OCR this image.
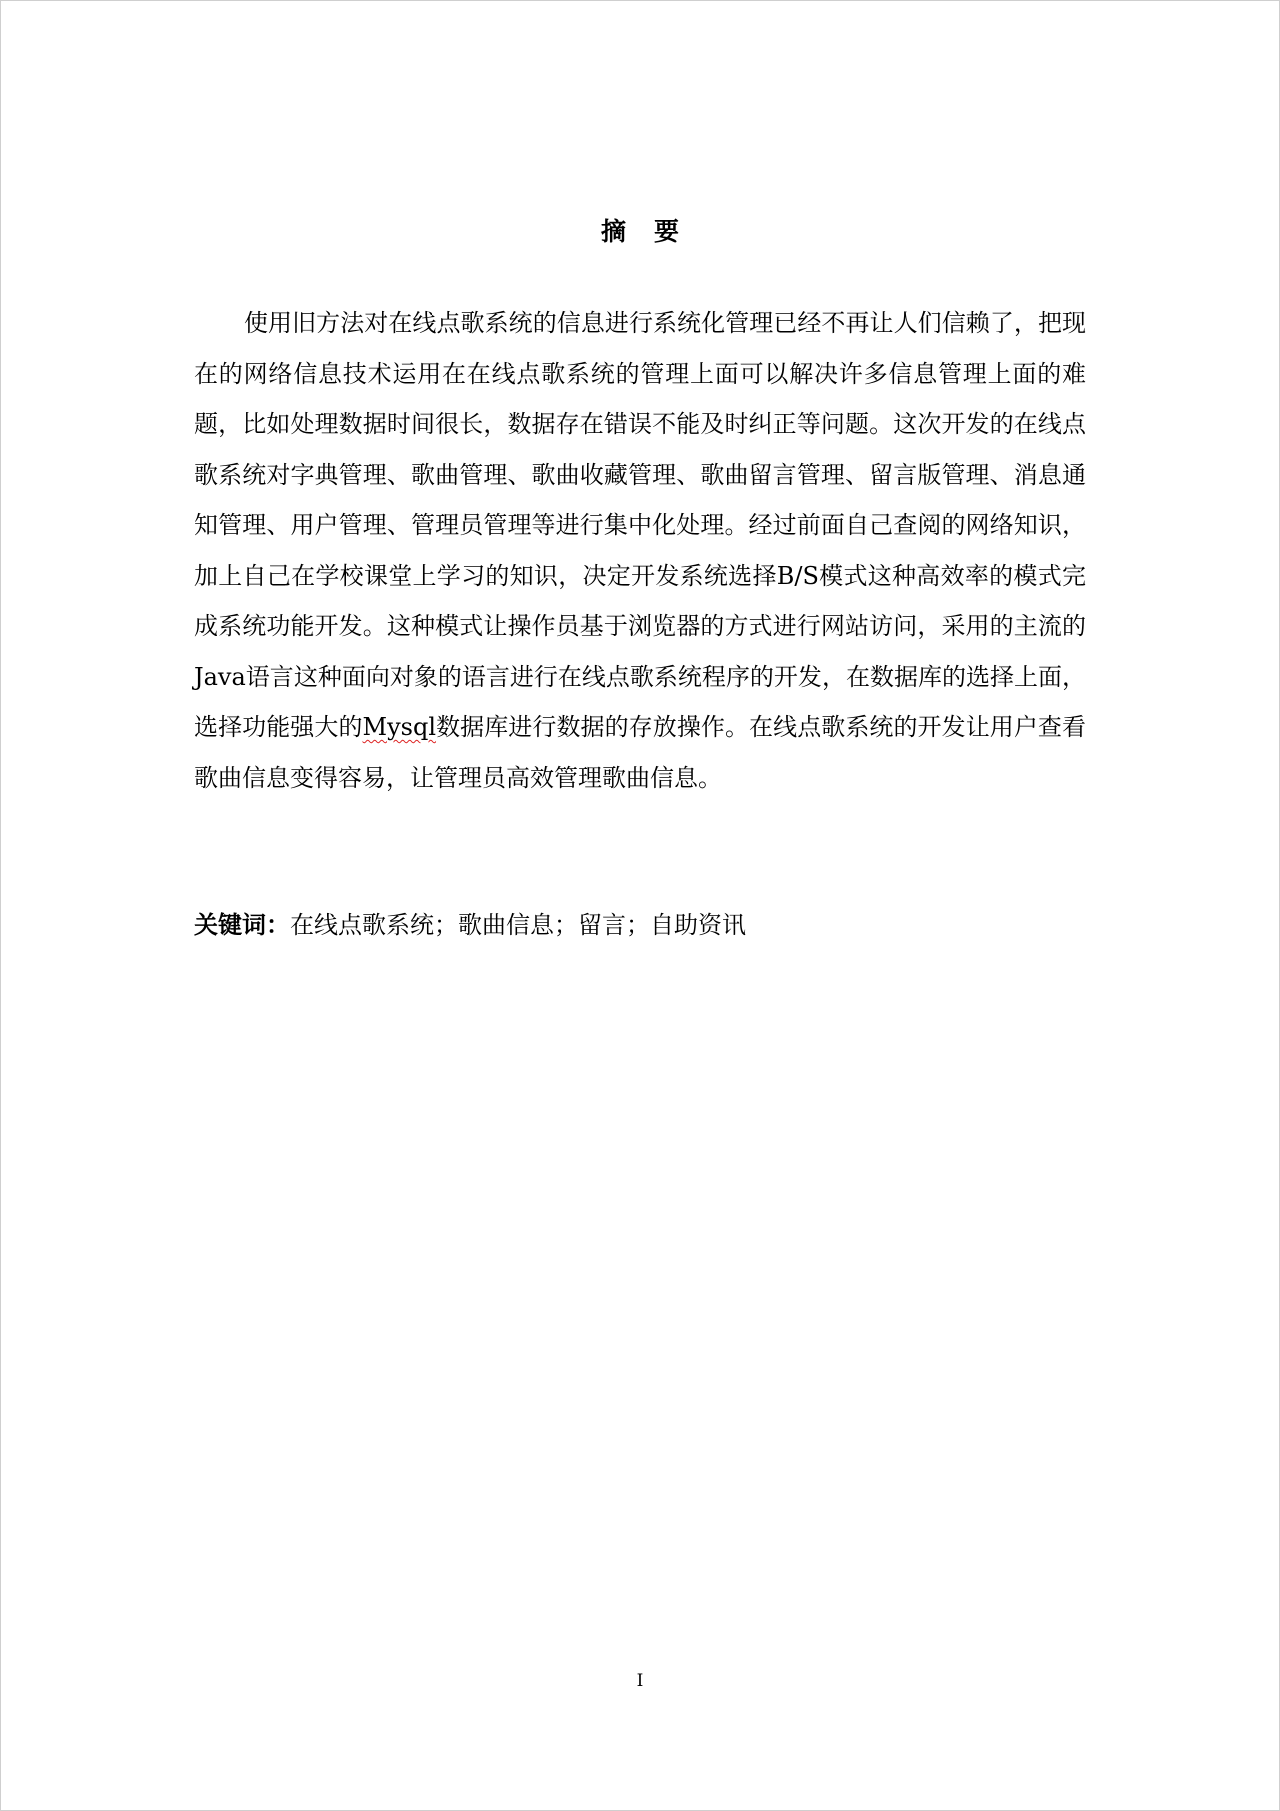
摘 要
使用旧方法对在线点歌系统的信息进行系统化管理已经不再让人们信赖了，把现在的网络信息技术运用在在线点歌系统的管理上面可以解决许多信息管理上面的难题，比如处理数据时间很长，数据存在错误不能及时纠正等问题。这次开发的在线点歌系统对字典管理、歌曲管理、歌曲收藏管理、歌曲留言管理、留言版管理、消息通知管理、用户管理、管理员管理等进行集中化处理。经过前面自己查阅的网络知识，加上自己在学校课堂上学习的知识，决定开发系统选择B/S模式这种高效率的模式完成系统功能开发。这种模式让操作员基于浏览器的方式进行网站访问，采用的主流的Java语言这种面向对象的语言进行在线点歌系统程序的开发，在数据库的选择上面，选择功能强大的Mysql数据库进行数据的存放操作。在线点歌系统的开发让用户查看歌曲信息变得容易，让管理员高效管理歌曲信息。
关键词：在线点歌系统；歌曲信息；留言；自助资讯
I
